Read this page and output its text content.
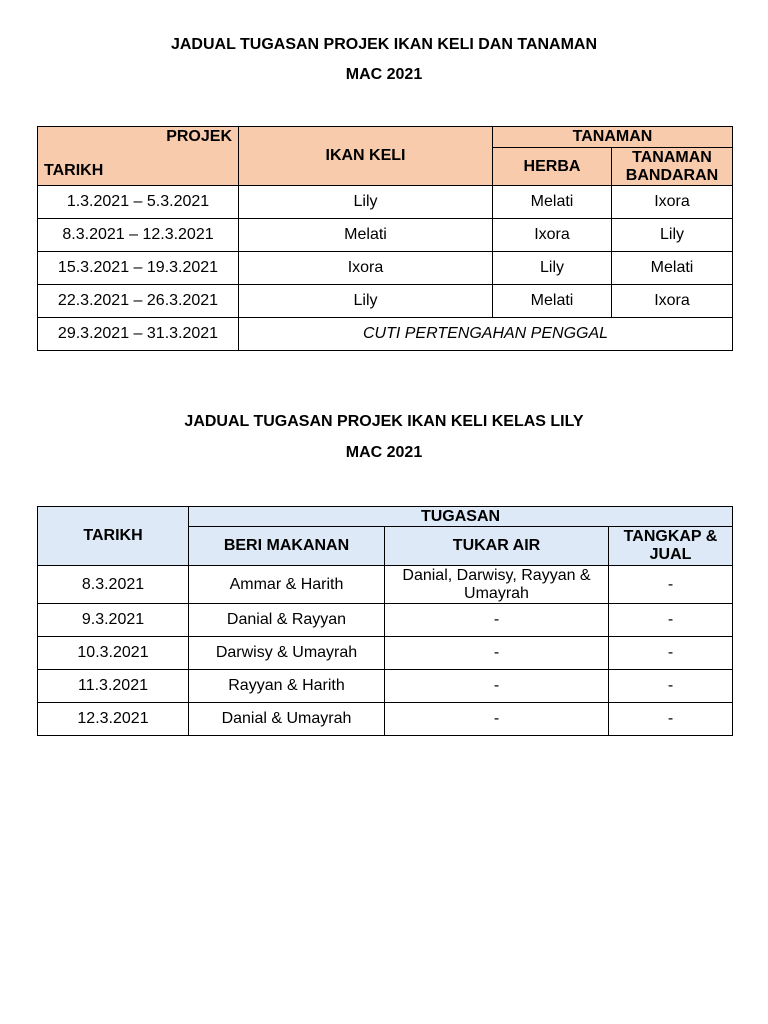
JADUAL TUGASAN PROJEK IKAN KELI DAN TANAMAN
MAC 2021
PROJEK
TARIKH	IKAN KELI	TANAMAN	
		HERBA	TANAMAN BANDARAN
1.3.2021 – 5.3.2021	Lily	Melati	Ixora
8.3.2021 – 12.3.2021	Melati	Ixora	Lily
15.3.2021 – 19.3.2021	Ixora	Lily	Melati
22.3.2021 – 26.3.2021	Lily	Melati	Ixora
29.3.2021 – 31.3.2021	CUTI PERTENGAHAN PENGGAL		
JADUAL TUGASAN PROJEK IKAN KELI KELAS LILY
MAC 2021
TARIKH	TUGASAN		
	BERI MAKANAN	TUKAR AIR	TANGKAP & JUAL
8.3.2021	Ammar & Harith	Danial, Darwisy, Rayyan & Umayrah	-
9.3.2021	Danial & Rayyan	-	-
10.3.2021	Darwisy & Umayrah	-	-
11.3.2021	Rayyan & Harith	-	-
12.3.2021	Danial & Umayrah	-	-
